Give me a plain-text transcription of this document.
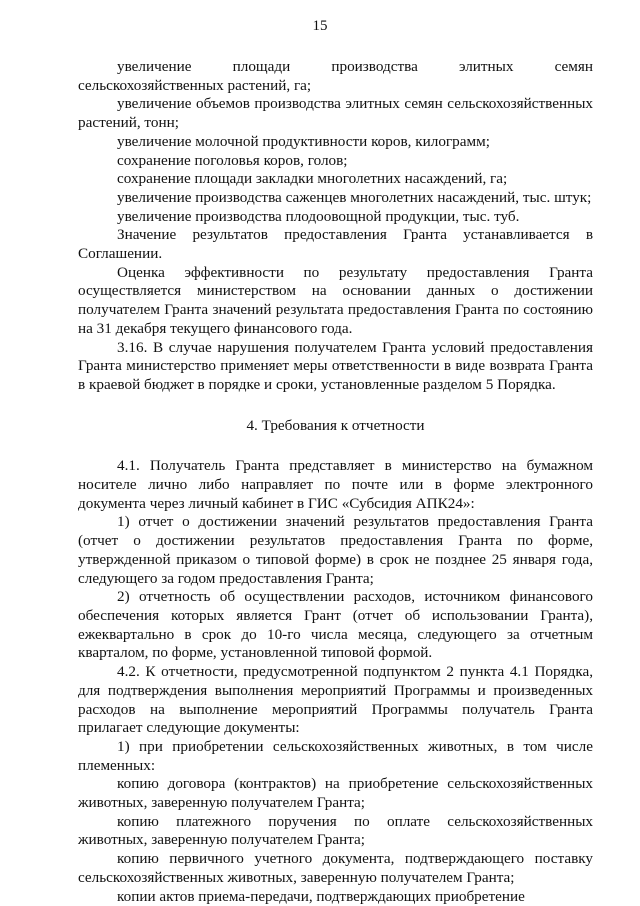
15

увеличение площади производства элитных семян сельскохозяйственных растений, га;

увеличение объемов производства элитных семян сельскохозяйственных растений, тонн;

увеличение молочной продуктивности коров, килограмм;

сохранение поголовья коров, голов;

сохранение площади закладки многолетних насаждений, га;

увеличение производства саженцев многолетних насаждений, тыс. штук;

увеличение производства плодоовощной продукции, тыс. туб.

Значение результатов предоставления Гранта устанавливается в Соглашении.

Оценка эффективности по результату предоставления Гранта осуществляется министерством на основании данных о достижении получателем Гранта значений результата предоставления Гранта по состоянию на 31 декабря текущего финансового года.

3.16. В случае нарушения получателем Гранта условий предоставления Гранта министерство применяет меры ответственности в виде возврата Гранта в краевой бюджет в порядке и сроки, установленные разделом 5 Порядка.

4. Требования к отчетности

4.1. Получатель Гранта представляет в министерство на бумажном носителе лично либо направляет по почте или в форме электронного документа через личный кабинет в ГИС «Субсидия АПК24»:

1) отчет о достижении значений результатов предоставления Гранта (отчет о достижении результатов предоставления Гранта по форме, утвержденной приказом о типовой форме) в срок не позднее 25 января года, следующего за годом предоставления Гранта;

2) отчетность об осуществлении расходов, источником финансового обеспечения которых является Грант (отчет об использовании Гранта), ежеквартально в срок до 10-го числа месяца, следующего за отчетным кварталом, по форме, установленной типовой формой.

4.2. К отчетности, предусмотренной подпунктом 2 пункта 4.1 Порядка, для подтверждения выполнения мероприятий Программы и произведенных расходов на выполнение мероприятий Программы получатель Гранта прилагает следующие документы:

1) при приобретении сельскохозяйственных животных, в том числе племенных:

копию договора (контрактов) на приобретение сельскохозяйственных животных, заверенную получателем Гранта;

копию платежного поручения по оплате сельскохозяйственных животных, заверенную получателем Гранта;

копию первичного учетного документа, подтверждающего поставку сельскохозяйственных животных, заверенную получателем Гранта;

копии актов приема-передачи, подтверждающих приобретение
